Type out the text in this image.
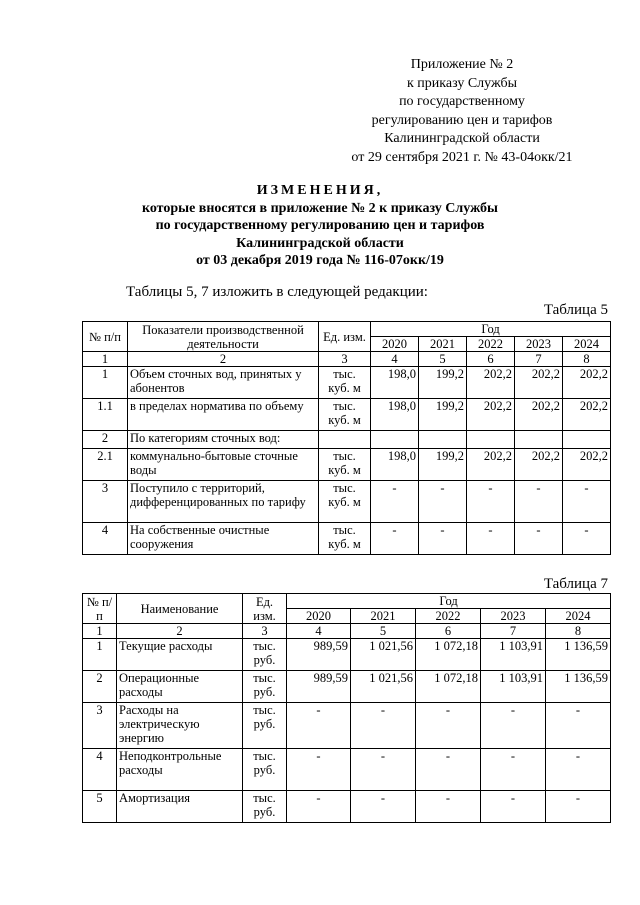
Приложение № 2
к приказу Службы
по государственному
регулированию цен и тарифов
Калининградской области
от 29 сентября 2021 г. № 43-04окк/21
ИЗМЕНЕНИЯ,
которые вносятся в приложение № 2 к приказу Службы
по государственному регулированию цен и тарифов
Калининградской области
от 03 декабря 2019 года № 116-07окк/19
Таблицы 5, 7 изложить в следующей редакции:
Таблица 5
№ п/п	Показатели производственной деятельности	Ед. изм.	Год				
			2020	2021	2022	2023	2024
1	2	3	4	5	6	7	8
1	Объем сточных вод, принятых у абонентов	тыс. куб. м	198,0	199,2	202,2	202,2	202,2
1.1	в пределах норматива по объему	тыс. куб. м	198,0	199,2	202,2	202,2	202,2
2	По категориям сточных вод:						
2.1	коммунально-бытовые сточные воды	тыс. куб. м	198,0	199,2	202,2	202,2	202,2
3	Поступило с территорий, дифференцированных по тарифу	тыс. куб. м	-	-	-	-	-
4	На собственные очистные сооружения	тыс. куб. м	-	-	-	-	-
Таблица 7
№ п/п	Наименование	Ед. изм.	Год				
			2020	2021	2022	2023	2024
1	2	3	4	5	6	7	8
1	Текущие расходы	тыс. руб.	989,59	1 021,56	1 072,18	1 103,91	1 136,59
2	Операционные расходы	тыс. руб.	989,59	1 021,56	1 072,18	1 103,91	1 136,59
3	Расходы на электрическую энергию	тыс. руб.	-	-	-	-	-
4	Неподконтрольные расходы	тыс. руб.	-	-	-	-	-
5	Амортизация	тыс. руб.	-	-	-	-	-
